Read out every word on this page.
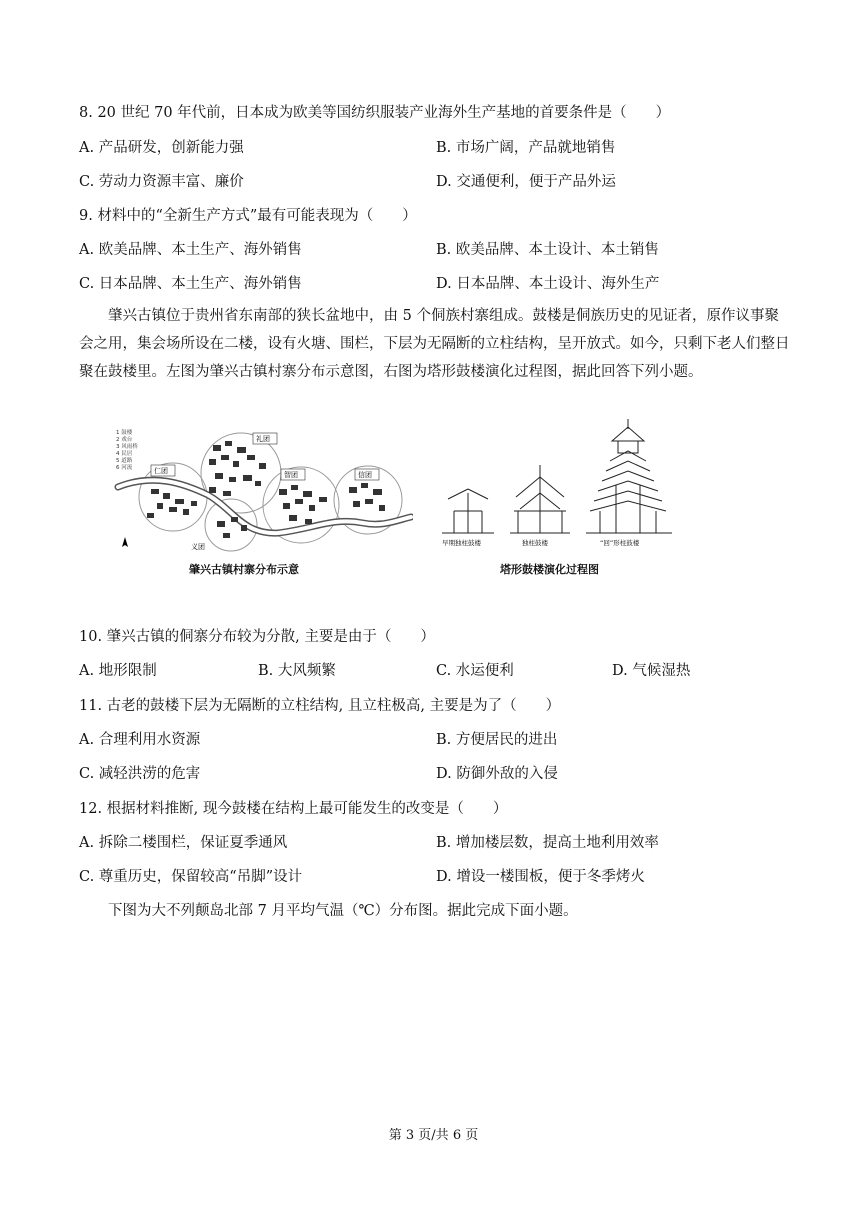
8. 20 世纪 70 年代前，日本成为欧美等国纺织服装产业海外生产基地的首要条件是（　　）
A. 产品研发，创新能力强	B. 市场广阔，产品就地销售
C. 劳动力资源丰富、廉价	D. 交通便利，便于产品外运
9. 材料中的“全新生产方式”最有可能表现为（　　）
A. 欧美品牌、本土生产、海外销售	B. 欧美品牌、本土设计、本土销售
C. 日本品牌、本土生产、海外销售	D. 日本品牌、本土设计、海外生产
肇兴古镇位于贵州省东南部的狭长盆地中，由 5 个侗族村寨组成。鼓楼是侗族历史的见证者，原作议事聚会之用，集会场所设在二楼，设有火塘、围栏，下层为无隔断的立柱结构，呈开放式。如今，只剩下老人们整日聚在鼓楼里。左图为肇兴古镇村寨分布示意图，右图为塔形鼓楼演化过程图，据此回答下列小题。
1 鼓楼
2 戏台
3 风雨桥
4 民居
5 道路
6 河流	仁团
礼团
智团	信团
义团
肇兴古镇村寨分布示意
早期独柱鼓楼	独柱鼓楼	“回”形柱鼓楼
塔形鼓楼演化过程图
10. 肇兴古镇的侗寨分布较为分散, 主要是由于（　　）
A. 地形限制	B. 大风频繁	C. 水运便利	D. 气候湿热
11. 古老的鼓楼下层为无隔断的立柱结构, 且立柱极高, 主要是为了（　　）
A. 合理利用水资源	B. 方便居民的进出
C. 减轻洪涝的危害	D. 防御外敌的入侵
12. 根据材料推断, 现今鼓楼在结构上最可能发生的改变是（　　）
A. 拆除二楼围栏，保证夏季通风	B. 增加楼层数，提高土地利用效率
C. 尊重历史，保留较高“吊脚”设计	D. 增设一楼围板，便于冬季烤火
下图为大不列颠岛北部 7 月平均气温（℃）分布图。据此完成下面小题。
第 3 页/共 6 页
